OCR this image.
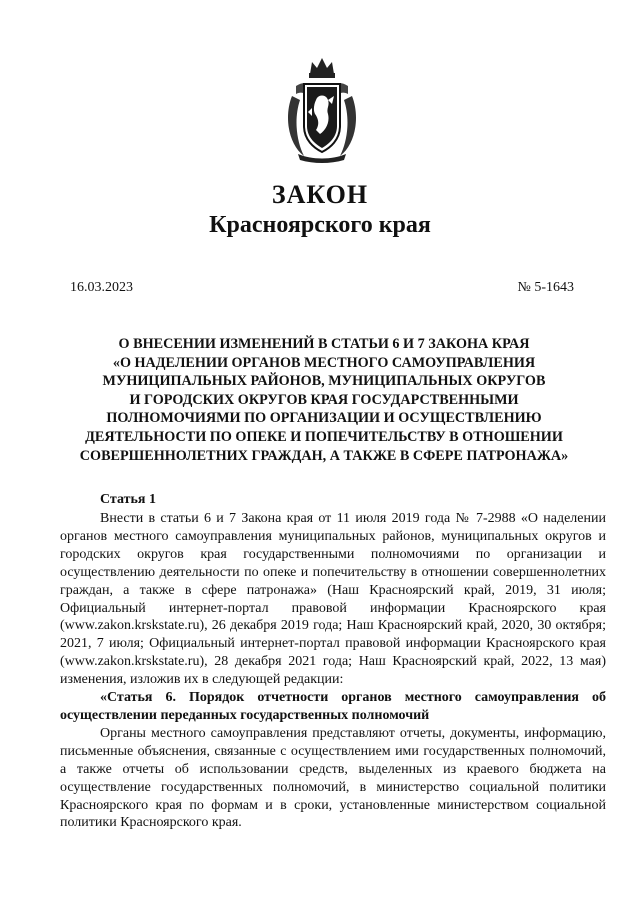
ЗАКОН
Красноярского края
16.03.2023	№ 5-1643
О ВНЕСЕНИИ ИЗМЕНЕНИЙ В СТАТЬИ 6 И 7 ЗАКОНА КРАЯ
«О НАДЕЛЕНИИ ОРГАНОВ МЕСТНОГО САМОУПРАВЛЕНИЯ
МУНИЦИПАЛЬНЫХ РАЙОНОВ, МУНИЦИПАЛЬНЫХ ОКРУГОВ
И ГОРОДСКИХ ОКРУГОВ КРАЯ ГОСУДАРСТВЕННЫМИ
ПОЛНОМОЧИЯМИ ПО ОРГАНИЗАЦИИ И ОСУЩЕСТВЛЕНИЮ
ДЕЯТЕЛЬНОСТИ ПО ОПЕКЕ И ПОПЕЧИТЕЛЬСТВУ В ОТНОШЕНИИ
СОВЕРШЕННОЛЕТНИХ ГРАЖДАН, А ТАКЖЕ В СФЕРЕ ПАТРОНАЖА»
Статья 1

Внести в статьи 6 и 7 Закона края от 11 июля 2019 года № 7-2988 «О наделении органов местного самоуправления муниципальных районов, муниципальных округов и городских округов края государственными полномочиями по организации и осуществлению деятельности по опеке и попечительству в отношении совершеннолетних граждан, а также в сфере патронажа» (Наш Красноярский край, 2019, 31 июля; Официальный интернет-портал правовой информации Красноярского края (www.zakon.krskstate.ru), 26 декабря 2019 года; Наш Красноярский край, 2020, 30 октября; 2021, 7 июля; Официальный интернет-портал правовой информации Красноярского края (www.zakon.krskstate.ru), 28 декабря 2021 года; Наш Красноярский край, 2022, 13 мая) изменения, изложив их в следующей редакции:

«Статья 6. Порядок отчетности органов местного самоуправления об осуществлении переданных государственных полномочий

Органы местного самоуправления представляют отчеты, документы, информацию, письменные объяснения, связанные с осуществлением ими государственных полномочий, а также отчеты об использовании средств, выделенных из краевого бюджета на осуществление государственных полномочий, в министерство социальной политики Красноярского края по формам и в сроки, установленные министерством социальной политики Красноярского края.
